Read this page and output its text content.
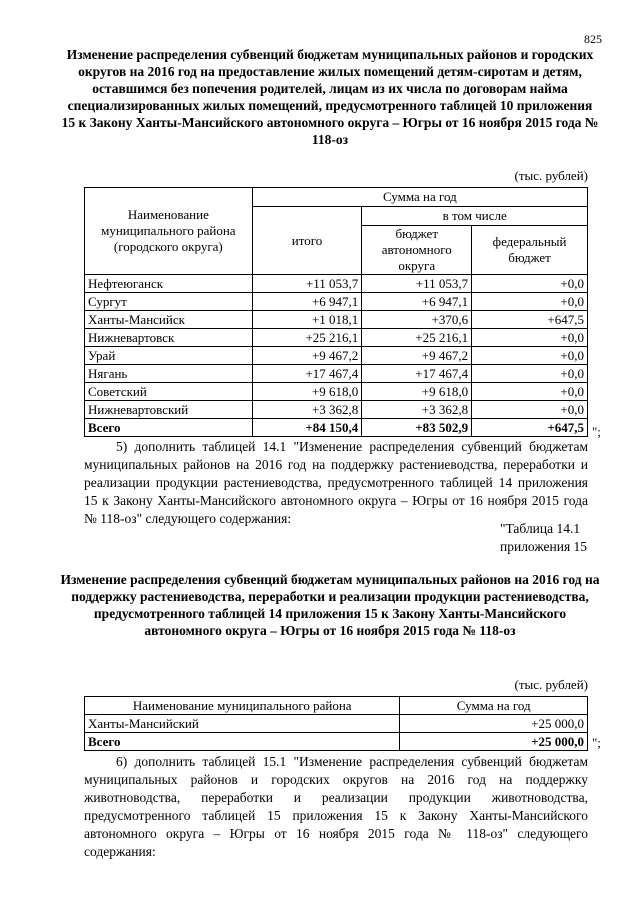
825
Изменение распределения субвенций бюджетам муниципальных районов и городских округов на 2016 год на предоставление жилых помещений детям-сиротам и детям, оставшимся без попечения родителей, лицам из их числа по договорам найма специализированных жилых помещений, предусмотренного таблицей 10 приложения 15 к Закону Ханты-Мансийского автономного округа – Югры от 16 ноября 2015 года № 118-оз
(тыс. рублей)
Наименование муниципального района (городского округа)	Сумма на год		
	итого	в том числе	
		бюджет автономного округа	федеральный бюджет
Нефтеюганск	+11 053,7	+11 053,7	+0,0
Сургут	+6 947,1	+6 947,1	+0,0
Ханты-Мансийск	+1 018,1	+370,6	+647,5
Нижневартовск	+25 216,1	+25 216,1	+0,0
Урай	+9 467,2	+9 467,2	+0,0
Нягань	+17 467,4	+17 467,4	+0,0
Советский	+9 618,0	+9 618,0	+0,0
Нижневартовский	+3 362,8	+3 362,8	+0,0
Всего	+84 150,4	+83 502,9	+647,5 ";

5) дополнить таблицей 14.1 "Изменение распределения субвенций бюджетам муниципальных районов на 2016 год на поддержку растениеводства, переработки и реализации продукции растениеводства, предусмотренного таблицей 14 приложения 15 к Закону Ханты-Мансийского автономного округа – Югры от 16 ноября 2015 года № 118-оз" следующего содержания:

"Таблица 14.1
приложения 15
Изменение распределения субвенций бюджетам муниципальных районов на 2016 год на поддержку растениеводства, переработки и реализации продукции растениеводства, предусмотренного таблицей 14 приложения 15 к Закону Ханты-Мансийского автономного округа – Югры от 16 ноября 2015 года № 118-оз
(тыс. рублей)
Наименование муниципального района	Сумма на год
Ханты-Мансийский	+25 000,0
Всего	+25 000,0 ";

6) дополнить таблицей 15.1 "Изменение распределения субвенций бюджетам муниципальных районов и городских округов на 2016 год на поддержку животноводства, переработки и реализации продукции животноводства, предусмотренного таблицей 15 приложения 15 к Закону Ханты-Мансийского автономного округа – Югры от 16 ноября 2015 года № 118-оз" следующего содержания:
